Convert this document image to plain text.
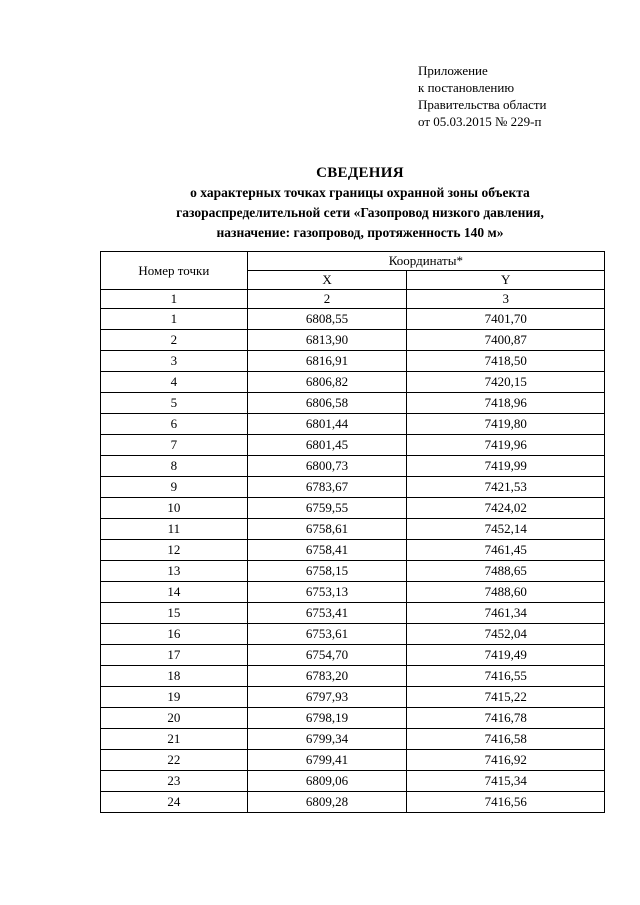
Приложение
к постановлению
Правительства области
от 05.03.2015 № 229-п
СВЕДЕНИЯ
о характерных точках границы охранной зоны объекта
газораспределительной сети «Газопровод низкого давления,
назначение: газопровод, протяженность 140 м»
Номер точки	Координаты*	
	X	Y
1	2	3
1	6808,55	7401,70
2	6813,90	7400,87
3	6816,91	7418,50
4	6806,82	7420,15
5	6806,58	7418,96
6	6801,44	7419,80
7	6801,45	7419,96
8	6800,73	7419,99
9	6783,67	7421,53
10	6759,55	7424,02
11	6758,61	7452,14
12	6758,41	7461,45
13	6758,15	7488,65
14	6753,13	7488,60
15	6753,41	7461,34
16	6753,61	7452,04
17	6754,70	7419,49
18	6783,20	7416,55
19	6797,93	7415,22
20	6798,19	7416,78
21	6799,34	7416,58
22	6799,41	7416,92
23	6809,06	7415,34
24	6809,28	7416,56
